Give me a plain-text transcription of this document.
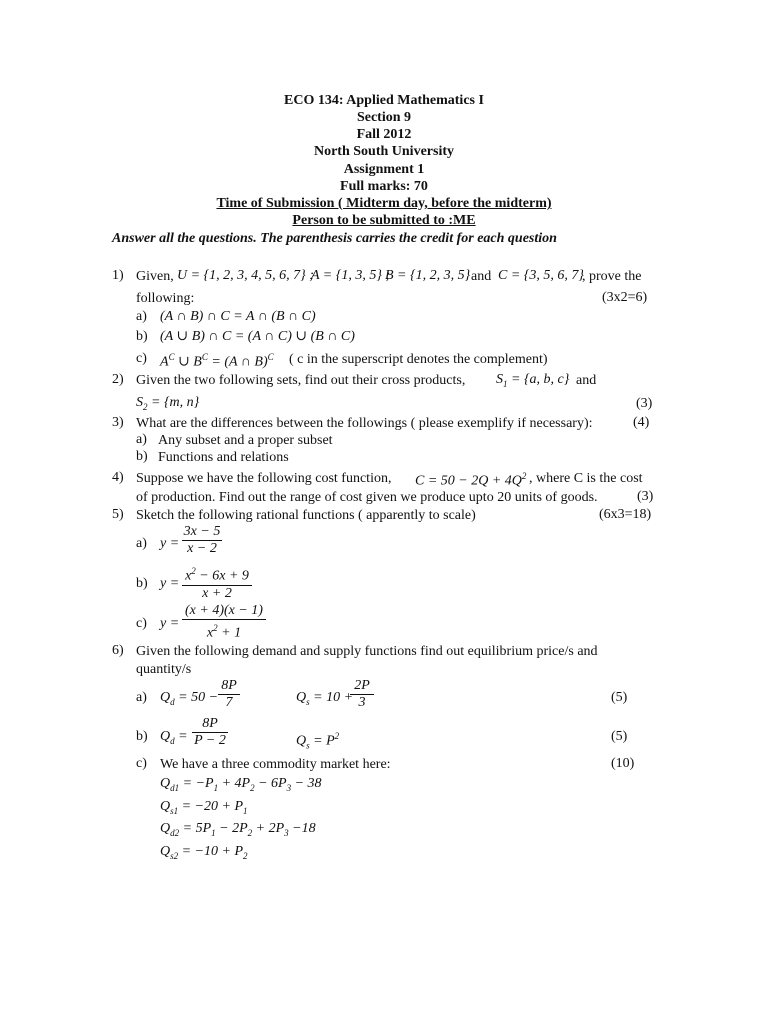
ECO 134: Applied Mathematics I
Section 9
Fall 2012
North South University
Assignment 1
Full marks: 70
Time of Submission ( Midterm day, before the midterm)
Person to be submitted to :ME
Answer all the questions. The parenthesis carries the credit for each question
1) Given, U = {1, 2, 3, 4, 5, 6, 7} ;
A = {1, 3, 5} ;
B = {1, 2, 3, 5} and C = {3, 5, 6, 7}
, prove the
following:	(3x2=6)
a) (A ∩ B) ∩ C = A ∩ (B ∩ C)
b) (A ∪ B) ∩ C = (A ∩ C) ∪ (B ∩ C)
c) $A^C$ ∪ $B^C = (A$ ∩ B)$^C$ ( c in the superscript denotes the complement)
2) Given the two following sets, find out their cross products, $S_1 = \{a$, b, c} and
$S_2 = \{m$, n}	(3)
3) What are the differences between the followings ( please exemplify if necessary):	(4)
a) Any subset and a proper subset
b) Functions and relations
4) Suppose we have the following cost function, $C = 50 - 2Q + 4Q^2$ , where C is the cost
of production. Find out the range of cost given we produce upto 20 units of goods.	(3)
5) Sketch the following rational functions ( apparently to scale)	(6x3=18)
a) y =
3x − 5
x − 2
b) $y = x^2 - 6x + 9$
x + 2
c) y =
(x + 4)(x − 1)
$x^2 + 1$
6) Given the following demand and supply functions find out equilibrium price/s and
quantity/s
a) $Q_d = 50$ −
8P
7	$Q_s = 10$ +
2P
3	(5)
b) $Q_d$ =
8P
P − 2	$Q_s = P^2$	(5)
c) We have a three commodity market here:	(10)
$Q_{d1} = -P_1 + 4P_2 - 6P_3 - 38$
$Q_{s1} = -20 + P_1$
$Q_{d2} = 5P_1 - 2P_2 + 2P_3 -18$
$Q_{s2} = -10 + P_2$
